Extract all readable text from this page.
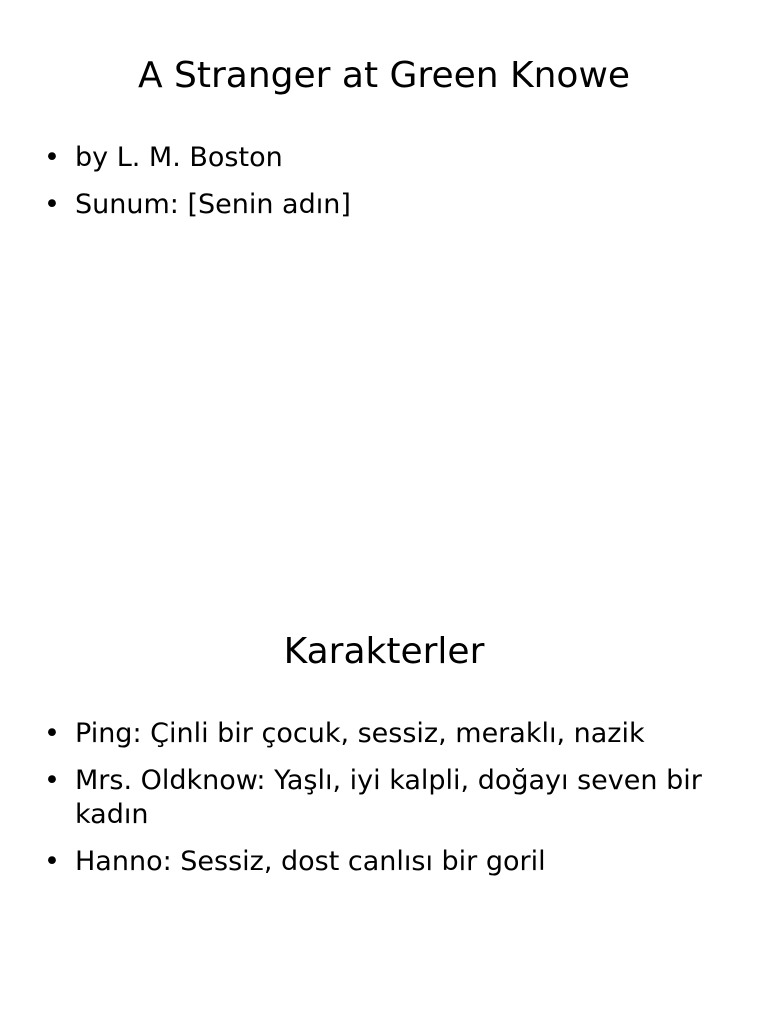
A Stranger at Green Knowe
• by L. M. Boston
• Sunum: [Senin adın]
Karakterler
• Ping: Çinli bir çocuk, sessiz, meraklı, nazik
• Mrs. Oldknow: Yaşlı, iyi kalpli, doğayı seven bir kadın
• Hanno: Sessiz, dost canlısı bir goril
